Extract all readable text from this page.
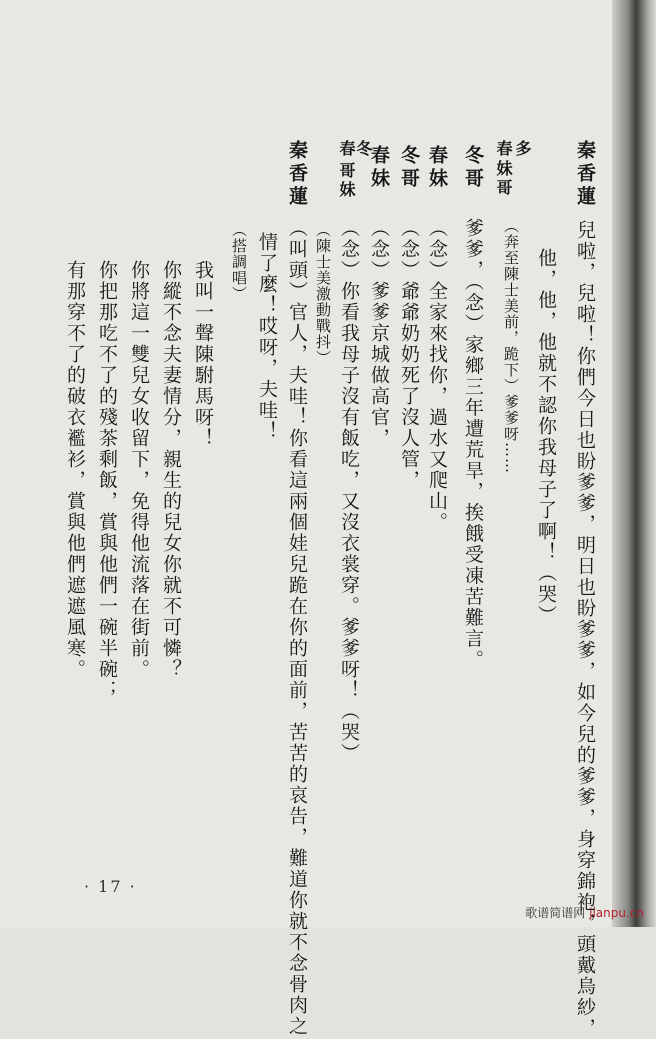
秦香蓮
兒啦，兒啦！你們今日也盼爹爹，明日也盼爹爹，如今兒的爹爹，身穿錦袍，頭戴烏紗，
他，他，他就不認你我母子了啊！（哭）
多
春
妹哥
（奔至陳士美前，跪下）爹爹呀……
冬哥
爹爹，（念）家鄉三年遭荒旱，挨餓受凍苦難言。
春妹
（念）全家來找你，過水又爬山。
冬哥
（念）爺爺奶奶死了沒人管，
春妹
（念）爹爹京城做高官，
冬
春
哥妹
（念）你看我母子沒有飯吃，又沒衣裳穿。爹爹呀！（哭）
（陳士美激動戰抖）
秦香蓮
（叫頭）官人，夫哇！你看這兩個娃兒跪在你的面前，苦苦的哀告，難道你就不念骨肉之
情了麼！哎呀，夫哇！
（搭調唱）
我叫一聲陳駙馬呀！
你縱不念夫妻情分，親生的兒女你就不可憐？
你將這一雙兒女收留下，免得他流落在街前。
你把那吃不了的殘茶剩飯，賞與他們一碗半碗；
有那穿不了的破衣襤衫，賞與他們遮遮風寒。
· 17 ·
歌谱简谱网 jianpu.cn
